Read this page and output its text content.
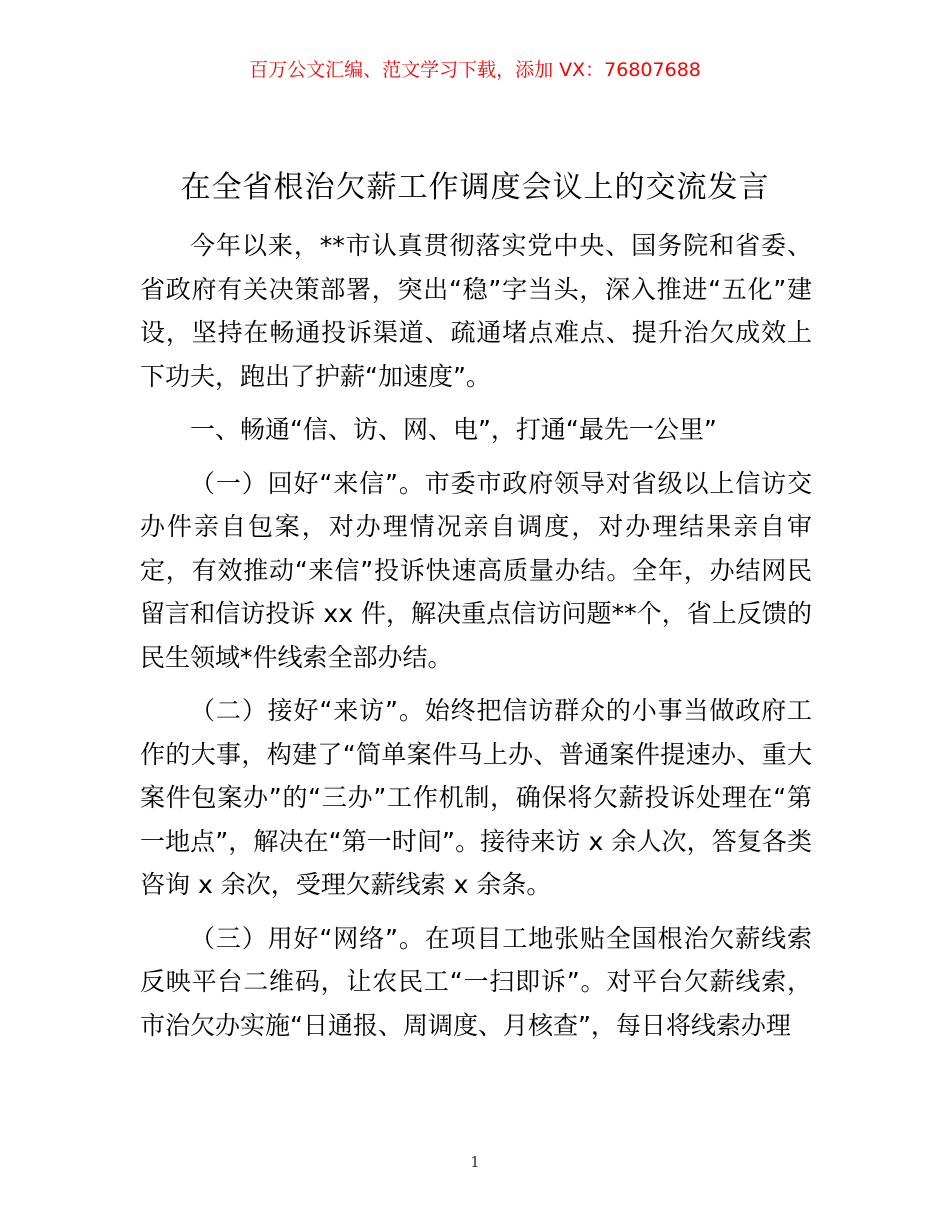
百万公文汇编、范文学习下载，添加 VX：76807688
在全省根治欠薪工作调度会议上的交流发言

今年以来，**市认真贯彻落实党中央、国务院和省委、省政府有关决策部署，突出“稳”字当头，深入推进“五化”建设，坚持在畅通投诉渠道、疏通堵点难点、提升治欠成效上下功夫，跑出了护薪“加速度”。

一、畅通“信、访、网、电”，打通“最先一公里”

（一）回好“来信”。市委市政府领导对省级以上信访交办件亲自包案，对办理情况亲自调度，对办理结果亲自审定，有效推动“来信”投诉快速高质量办结。全年，办结网民留言和信访投诉 xx 件，解决重点信访问题**个，省上反馈的民生领域*件线索全部办结。

（二）接好“来访”。始终把信访群众的小事当做政府工作的大事，构建了“简单案件马上办、普通案件提速办、重大案件包案办”的“三办”工作机制，确保将欠薪投诉处理在“第一地点”，解决在“第一时间”。接待来访 x 余人次，答复各类咨询 x 余次，受理欠薪线索 x 余条。

（三）用好“网络”。在项目工地张贴全国根治欠薪线索反映平台二维码，让农民工“一扫即诉”。对平台欠薪线索，市治欠办实施“日通报、周调度、月核查”，每日将线索办理

1
